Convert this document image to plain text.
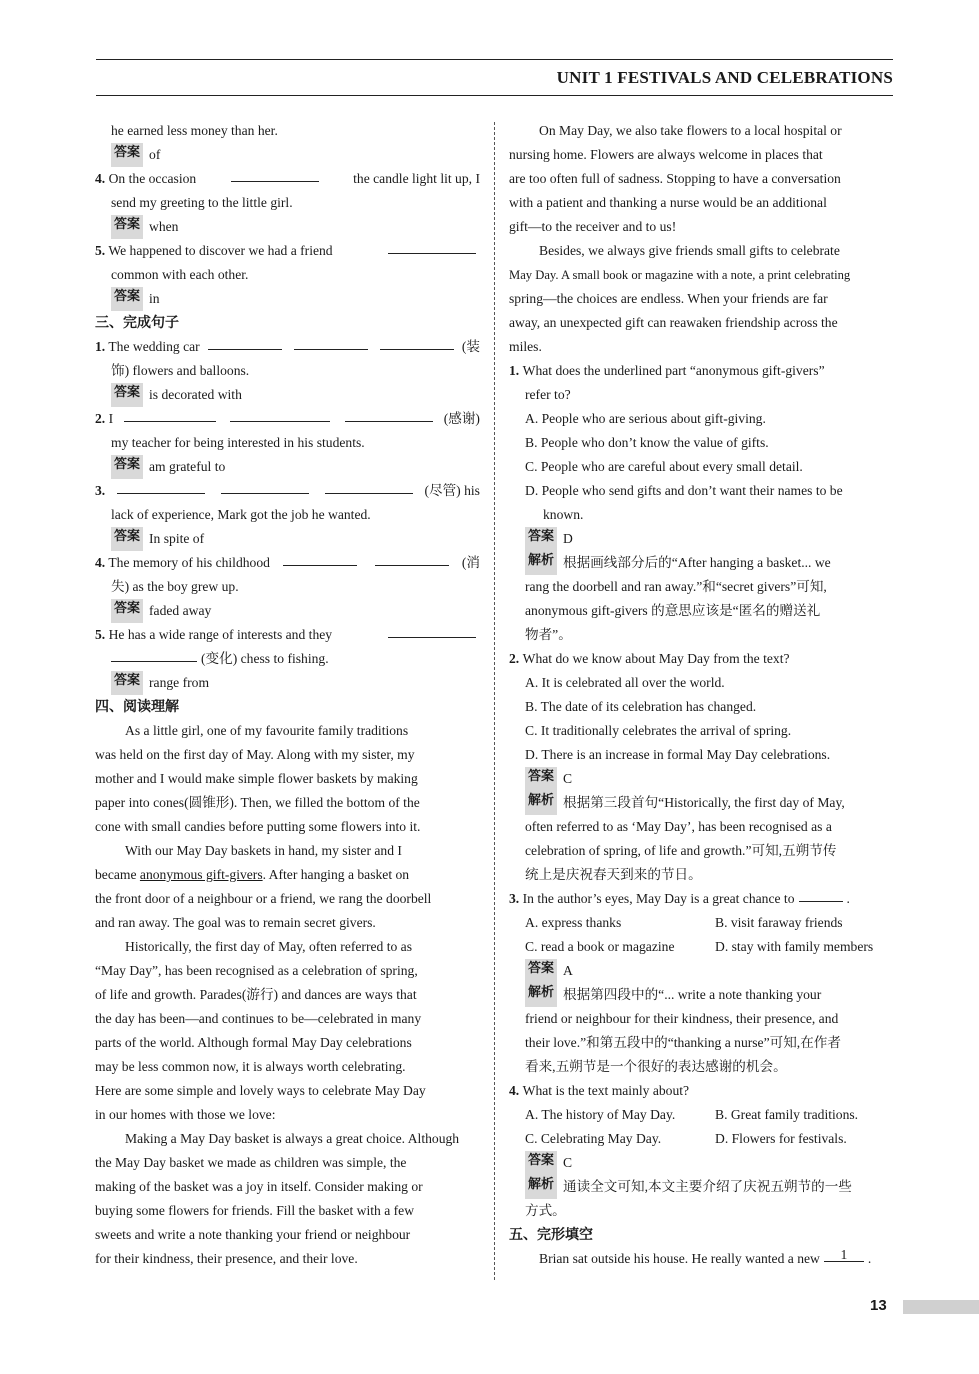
UNIT 1 FESTIVALS AND CELEBRATIONS
he earned less money than her.
答案 of
4. On the occasion	the candle light lit up, I
send my greeting to the little girl.
答案 when
5. We happened to discover we had a friend
common with each other.
答案 in
三、完成句子
1. The wedding car	(装
饰) flowers and balloons.
答案 is decorated with
2. I	(感谢)
my teacher for being interested in his students.
答案 am grateful to
3.	(尽管) his
lack of experience, Mark got the job he wanted.
答案 In spite of
4. The memory of his childhood	(消
失) as the boy grew up.
答案 faded away
5. He has a wide range of interests and they
(变化) chess to fishing.
答案 range from
四、阅读理解
As a little girl, one of my favourite family traditions
was held on the first day of May. Along with my sister, my
mother and I would make simple flower baskets by making
paper into cones(圆锥形). Then, we filled the bottom of the
cone with small candies before putting some flowers into it.
With our May Day baskets in hand, my sister and I
became
anonymous gift-givers . After hanging a basket on
the front door of a neighbour or a friend, we rang the doorbell
and ran away. The goal was to remain secret givers.
Historically, the first day of May, often referred to as
“May Day”, has been recognised as a celebration of spring,
of life and growth. Parades(游行) and dances are ways that
the day has been—and continues to be—celebrated in many
parts of the world. Although formal May Day celebrations
may be less common now, it is always worth celebrating.
Here are some simple and lovely ways to celebrate May Day
in our homes with those we love:
Making a May Day basket is always a great choice. Although
the May Day basket we made as children was simple, the
making of the basket was a joy in itself. Consider making or
buying some flowers for friends. Fill the basket with a few
sweets and write a note thanking your friend or neighbour
for their kindness, their presence, and their love.
On May Day, we also take flowers to a local hospital or
nursing home. Flowers are always welcome in places that
are too often full of sadness. Stopping to have a conversation
with a patient and thanking a nurse would be an additional
gift—to the receiver and to us!
Besides, we always give friends small gifts to celebrate
May Day. A small book or magazine with a note, a print celebrating
spring—the choices are endless. When your friends are far
away, an unexpected gift can reawaken friendship across the
miles.
1.
What does the underlined part “anonymous gift-givers”
refer to?
A. People who are serious about gift-giving.
B. People who don’t know the value of gifts.
C. People who are careful about every small detail.
D. People who send gifts and don’t want their names to be
known.
答案 D
解析 根据画线部分后的“After hanging a basket... we
rang the doorbell and ran away.”和“secret givers”可知,
anonymous gift-givers 的意思应该是“匿名的赠送礼
物者”。
2.
What do we know about May Day from the text?
A. It is celebrated all over the world.
B. The date of its celebration has changed.
C. It traditionally celebrates the arrival of spring.
D. There is an increase in formal May Day celebrations.
答案 C
解析 根据第三段首句“Historically, the first day of May,
often referred to as ‘May Day’, has been recognised as a
celebration of spring, of life and growth.”可知,五朔节传
统上是庆祝春天到来的节日。
3.
In the author’s eyes, May Day is a great chance to	.
A. express thanks	B. visit faraway friends
C. read a book or magazine	D. stay with family members
答案 A
解析 根据第四段中的“... write a note thanking your
friend or neighbour for their kindness, their presence, and
their love.”和第五段中的“thanking a nurse”可知,在作者
看来,五朔节是一个很好的表达感谢的机会。
4.
What is the text mainly about?
A. The history of May Day.	B. Great family traditions.
C. Celebrating May Day.	D. Flowers for festivals.
答案 C
解析 通读全文可知,本文主要介绍了庆祝五朔节的一些
方式。
五、完形填空
Brian sat outside his house. He really wanted a new	1	.
13
